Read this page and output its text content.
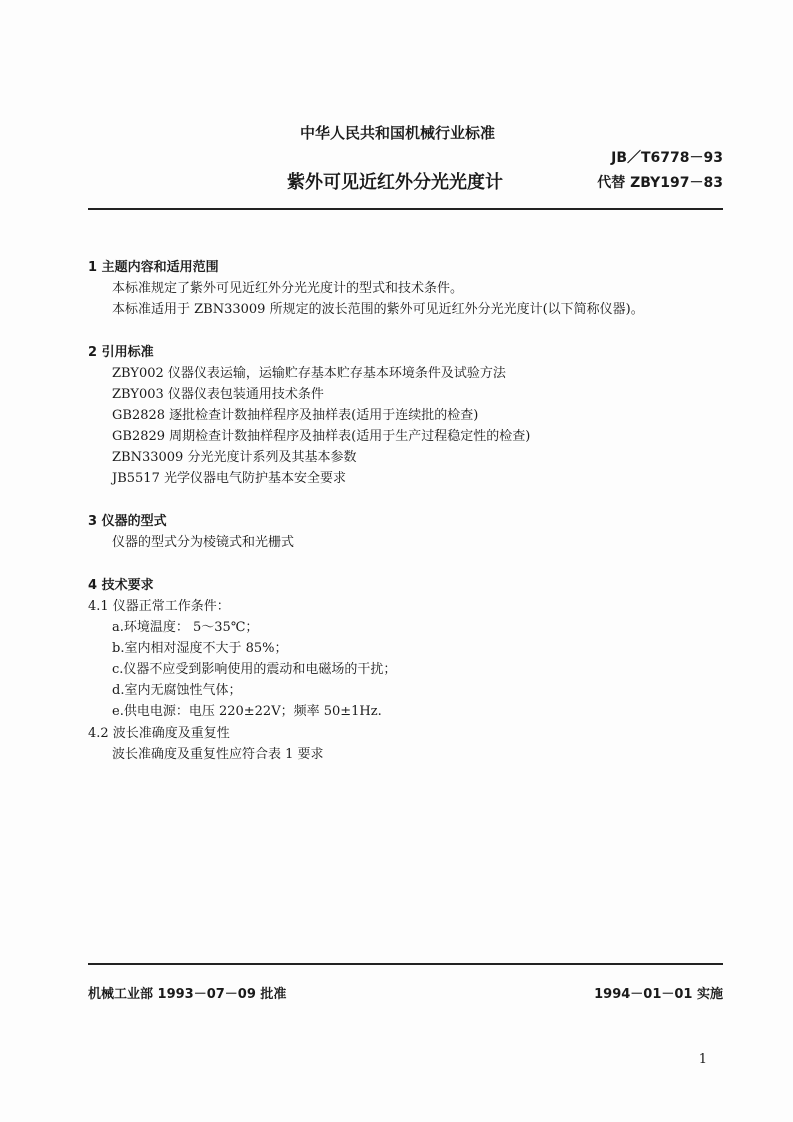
中华人民共和国机械行业标准
JB／T6778－93
紫外可见近红外分光光度计	代替 ZBY197－83
1 主题内容和适用范围
本标准规定了紫外可见近红外分光光度计的型式和技术条件。
本标准适用于 ZBN33009 所规定的波长范围的紫外可见近红外分光光度计(以下简称仪器)。
2 引用标准
ZBY002 仪器仪表运输，运输贮存基本贮存基本环境条件及试验方法
ZBY003 仪器仪表包装通用技术条件
GB2828 逐批检查计数抽样程序及抽样表(适用于连续批的检查)
GB2829 周期检查计数抽样程序及抽样表(适用于生产过程稳定性的检查)
ZBN33009 分光光度计系列及其基本参数
JB5517 光学仪器电气防护基本安全要求
3 仪器的型式
仪器的型式分为棱镜式和光栅式
4 技术要求
4.1 仪器正常工作条件：
a.环境温度： 5～35℃；
b.室内相对湿度不大于 85%；
c.仪器不应受到影响使用的震动和电磁场的干扰；
d.室内无腐蚀性气体；
e.供电电源：电压 220±22V；频率 50±1Hz.
4.2 波长准确度及重复性
波长准确度及重复性应符合表 1 要求
机械工业部 1993－07－09 批准	1994－01－01 实施
1
